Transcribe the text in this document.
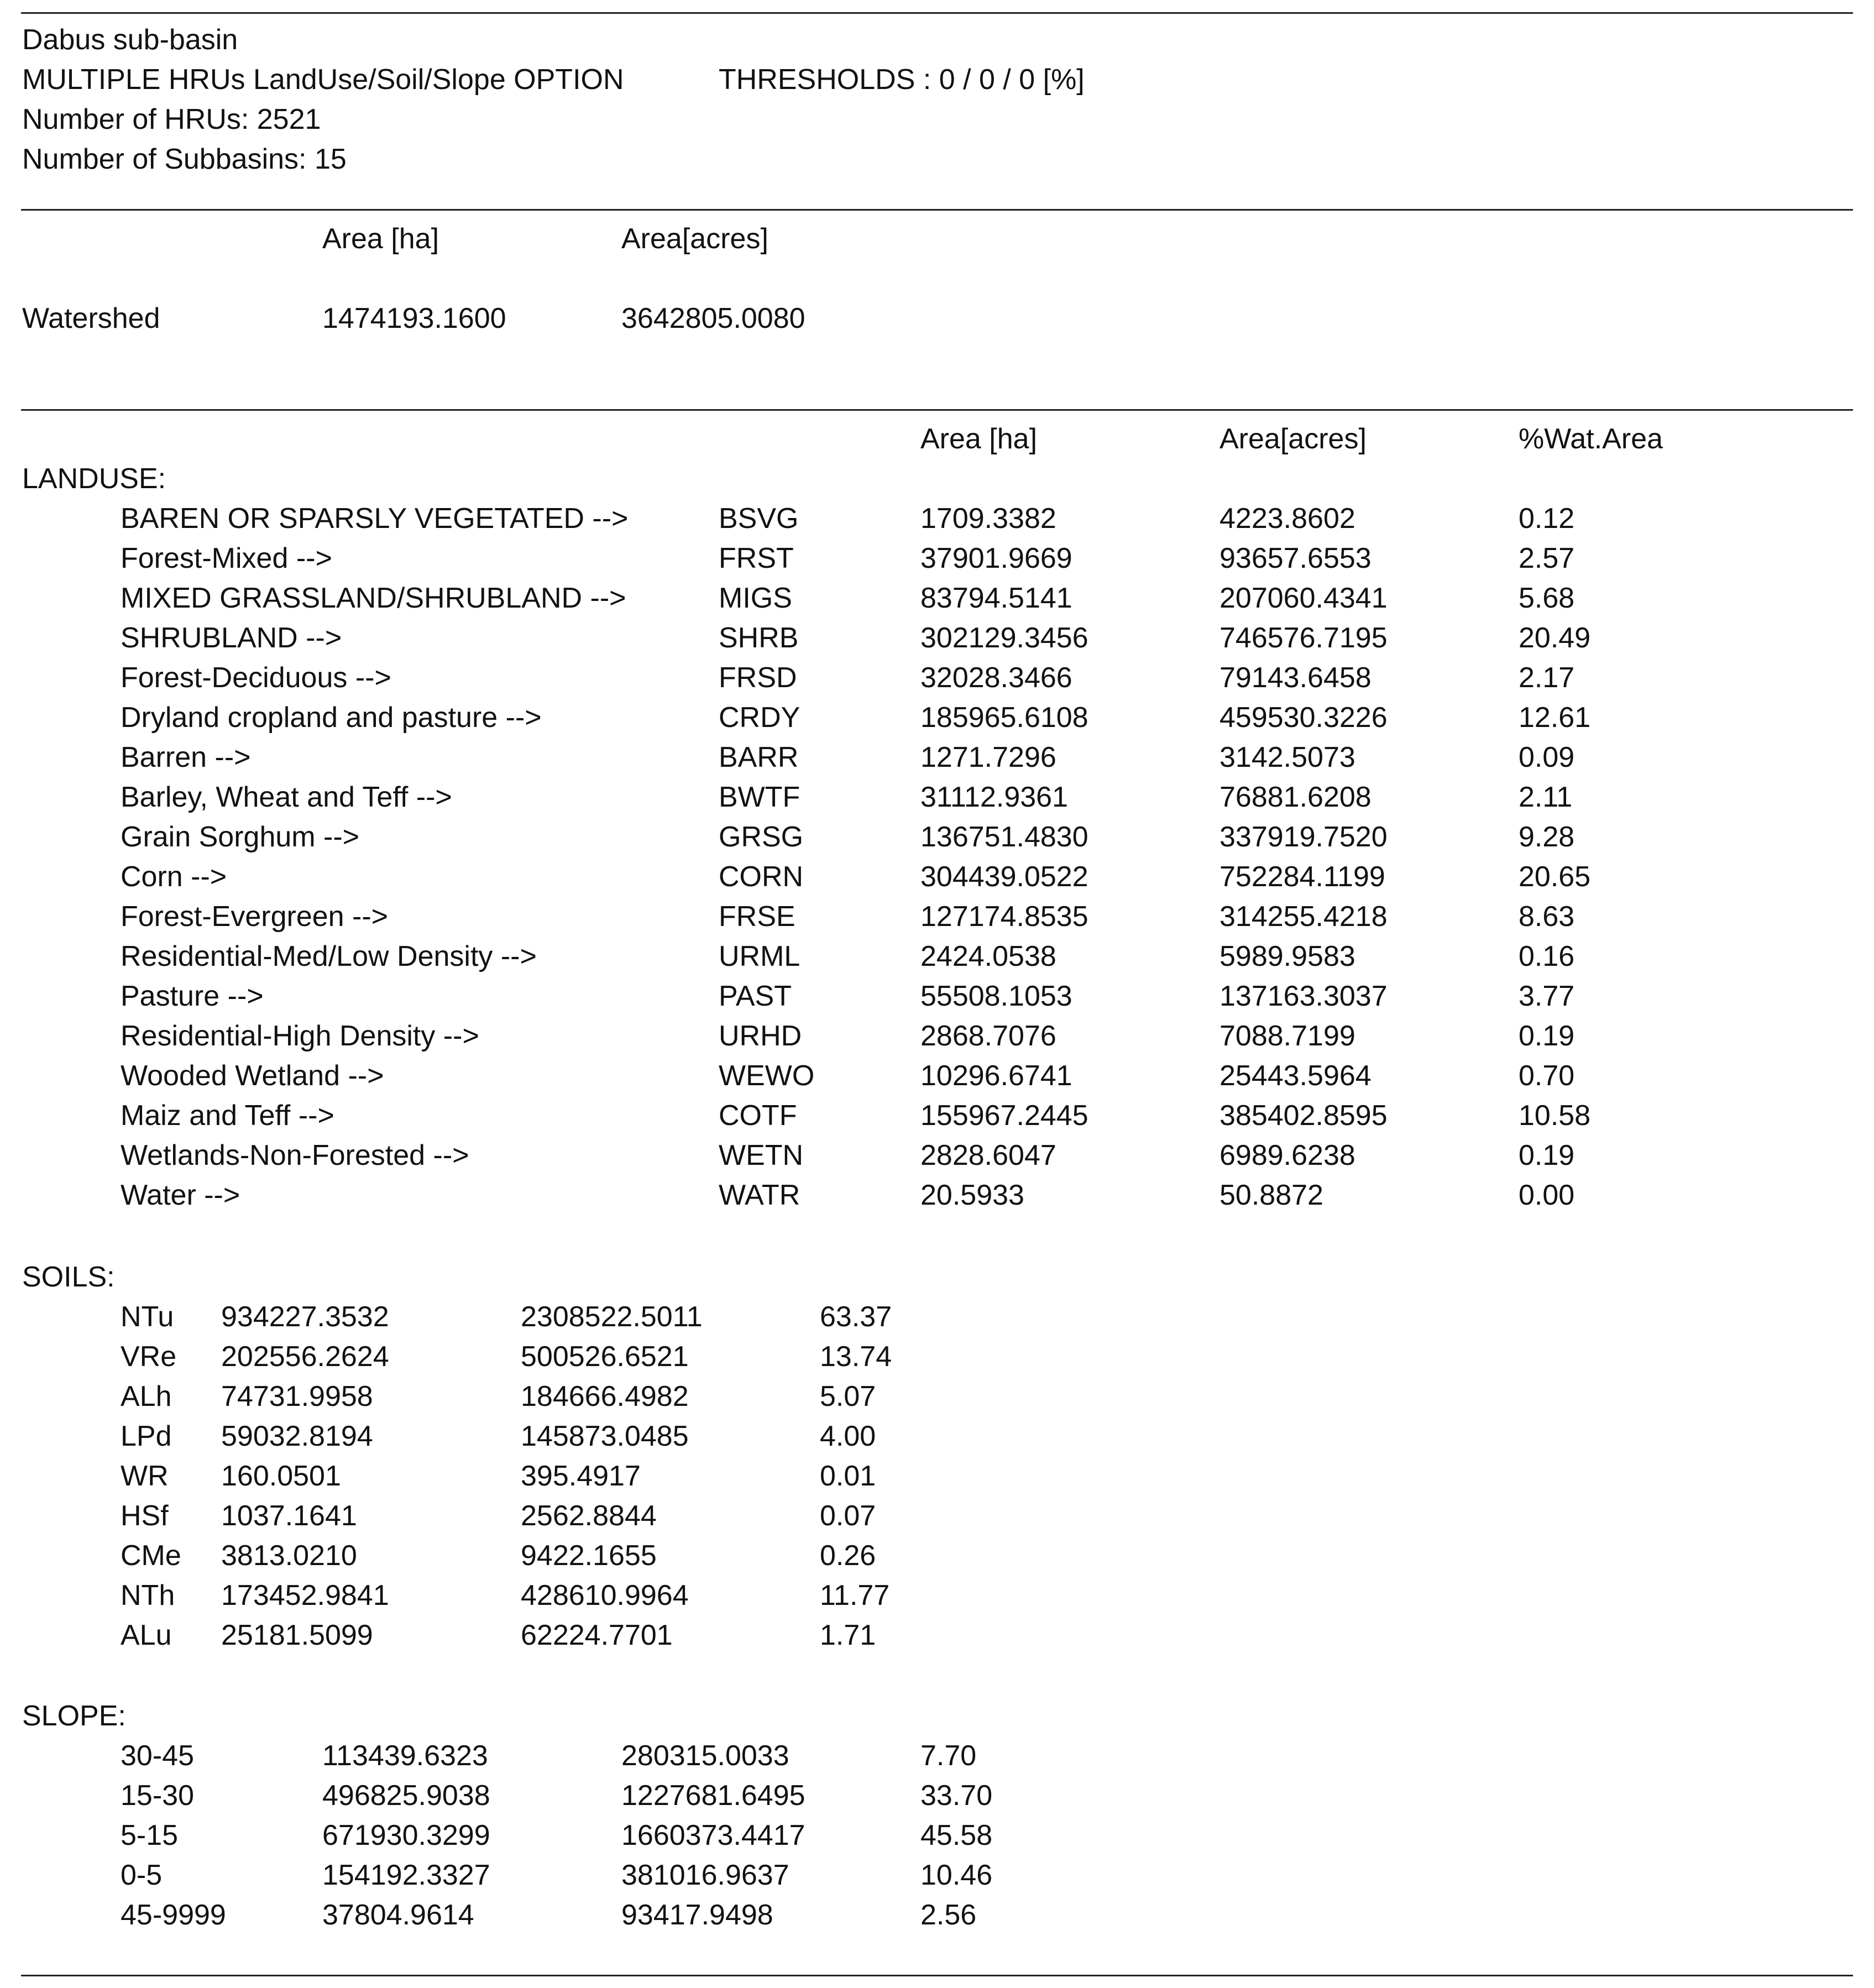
Dabus sub-basin
MULTIPLE HRUs LandUse/Soil/Slope OPTION	THRESHOLDS : 0 / 0 / 0 [%]
Number of HRUs: 2521
Number of Subbasins: 15
Area [ha]	Area[acres]
Watershed	1474193.1600	3642805.0080
Area [ha]	Area[acres]	%Wat.Area
LANDUSE:
SOILS:
SLOPE:
BAREN OR SPARSLY VEGETATED -->	BSVG	1709.3382	4223.8602	0.12
Forest-Mixed -->	FRST	37901.9669	93657.6553	2.57
MIXED GRASSLAND/SHRUBLAND -->	MIGS	83794.5141	207060.4341	5.68
SHRUBLAND -->	SHRB	302129.3456	746576.7195	20.49
Forest-Deciduous -->	FRSD	32028.3466	79143.6458	2.17
Dryland cropland and pasture -->	CRDY	185965.6108	459530.3226	12.61
Barren -->	BARR	1271.7296	3142.5073	0.09
Barley, Wheat and Teff -->	BWTF	31112.9361	76881.6208	2.11
Grain Sorghum -->	GRSG	136751.4830	337919.7520	9.28
Corn -->	CORN	304439.0522	752284.1199	20.65
Forest-Evergreen -->	FRSE	127174.8535	314255.4218	8.63
Residential-Med/Low Density -->	URML	2424.0538	5989.9583	0.16
Pasture -->	PAST	55508.1053	137163.3037	3.77
Residential-High Density -->	URHD	2868.7076	7088.7199	0.19
Wooded Wetland -->	WEWO	10296.6741	25443.5964	0.70
Maiz and Teff -->	COTF	155967.2445	385402.8595	10.58
Wetlands-Non-Forested -->	WETN	2828.6047	6989.6238	0.19
Water -->	WATR	20.5933	50.8872	0.00
NTu 934227.3532	2308522.5011	63.37
VRe 202556.2624	500526.6521	13.74
ALh 74731.9958	184666.4982	5.07
LPd 59032.8194	145873.0485	4.00
WR 160.0501	395.4917	0.01
HSf 1037.1641	2562.8844	0.07
CMe 3813.0210	9422.1655	0.26
NTh 173452.9841	428610.9964	11.77
ALu 25181.5099	62224.7701	1.71
30-45	113439.6323	280315.0033	7.70
15-30	496825.9038	1227681.6495	33.70
5-15	671930.3299	1660373.4417	45.58
0-5	154192.3327	381016.9637	10.46
45-9999	37804.9614	93417.9498	2.56
